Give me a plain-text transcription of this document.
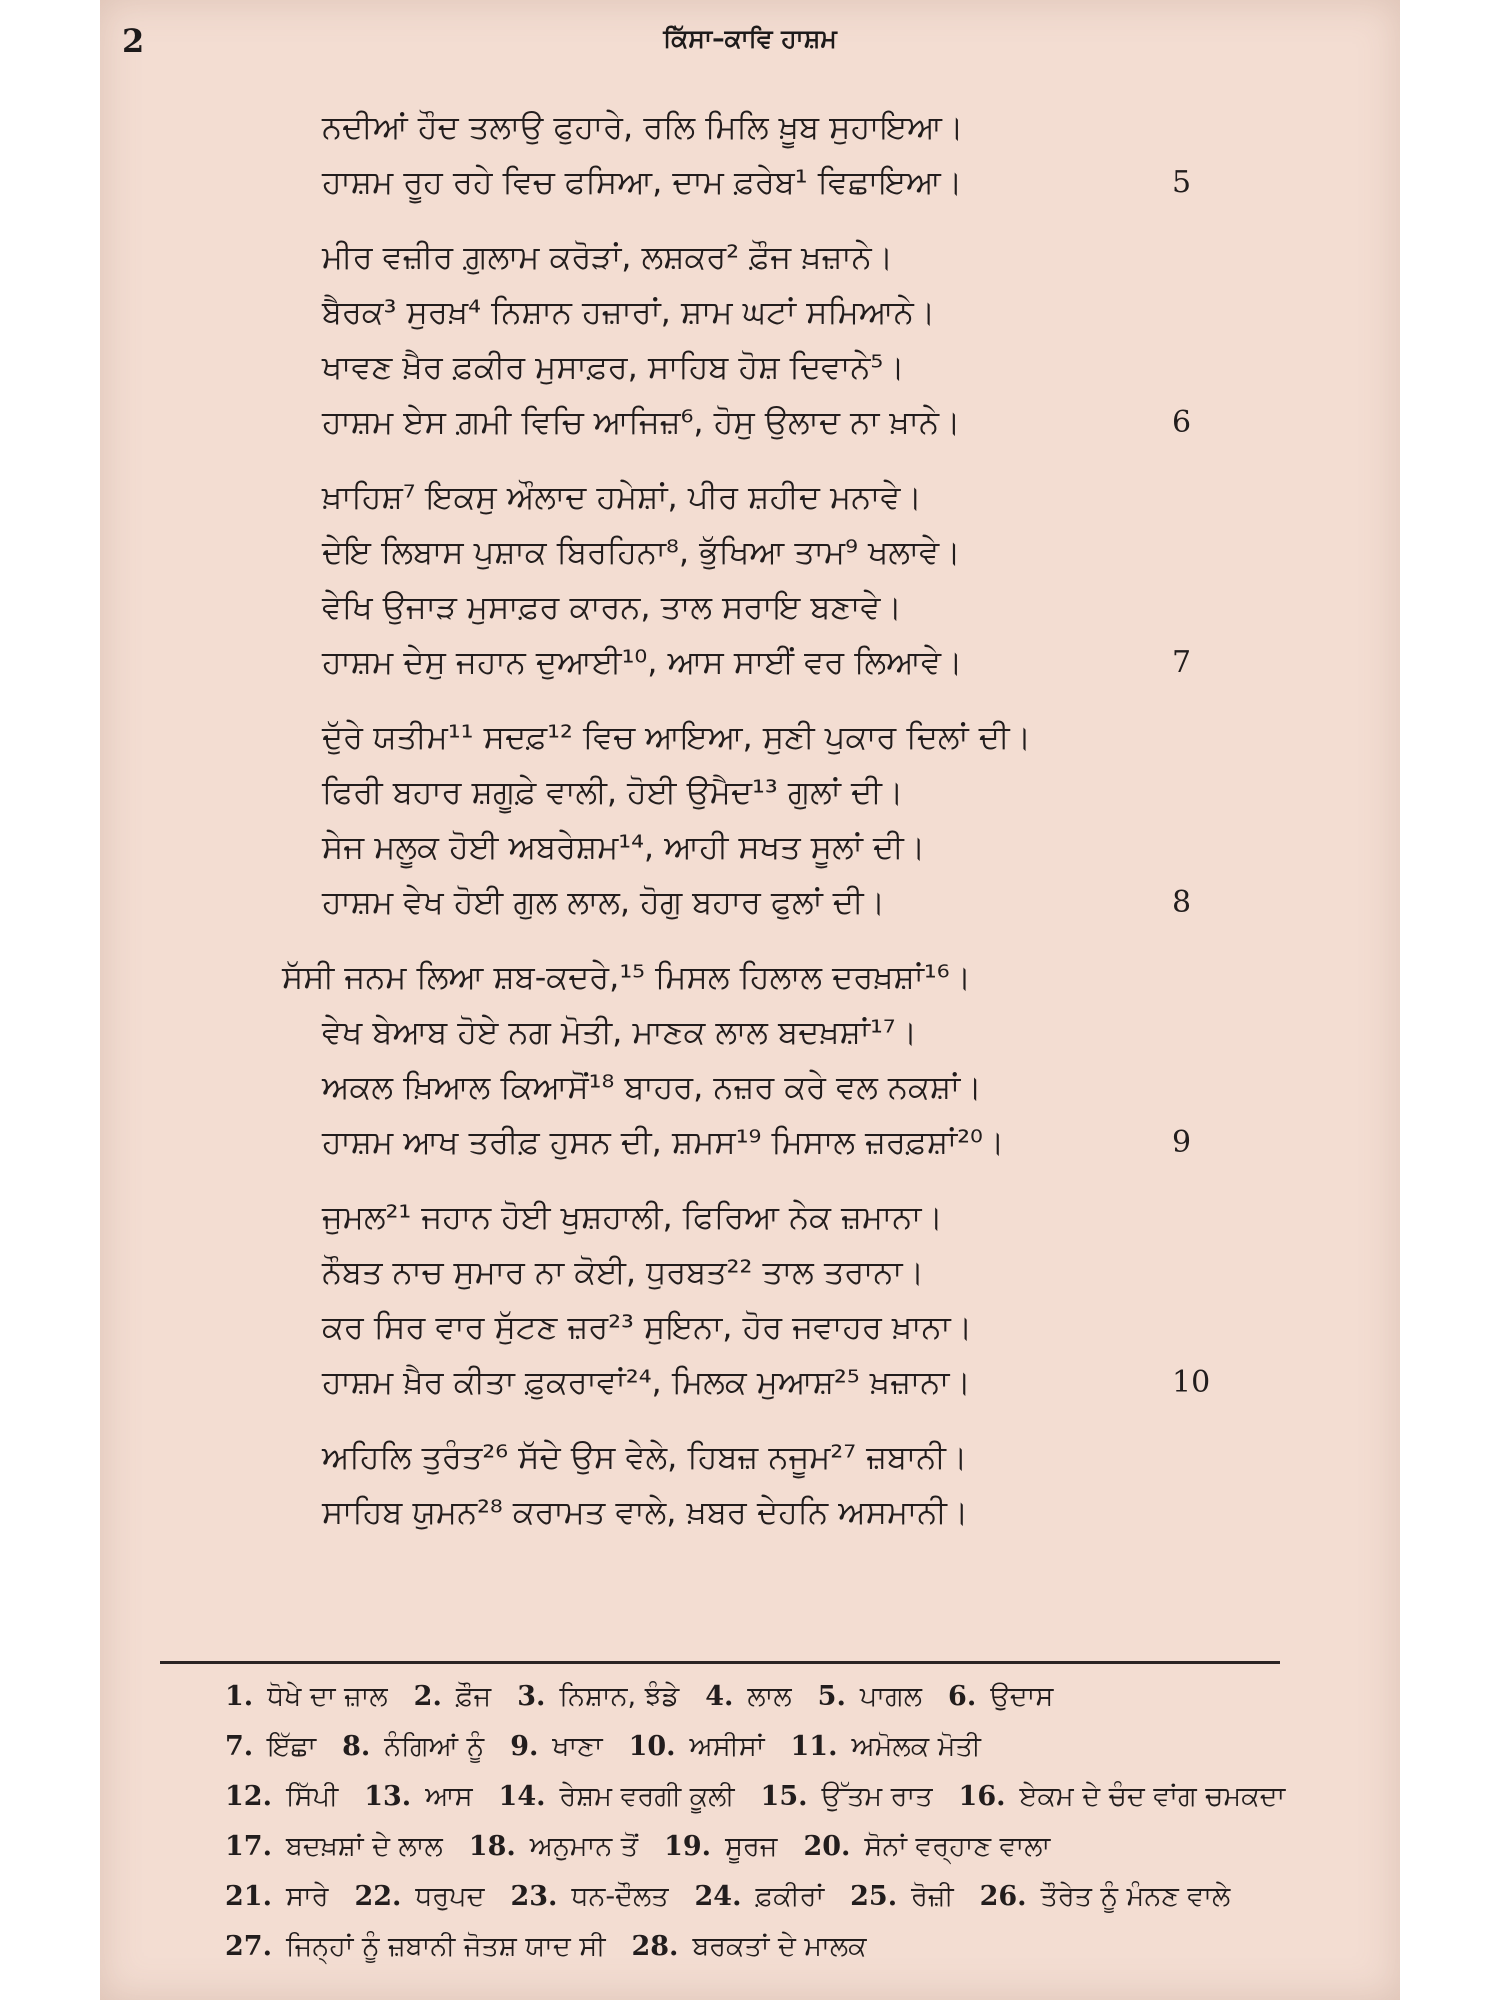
2	ਕਿੱਸਾ–ਕਾਵਿ ਹਾਸ਼ਮ
ਨਦੀਆਂ ਹੌਦ ਤਲਾਉ ਫੁਹਾਰੇ, ਰਲਿ ਮਿਲਿ ਖ਼ੂਬ ਸੁਹਾਇਆ।
ਹਾਸ਼ਮ ਰੂਹ ਰਹੇ ਵਿਚ ਫਸਿਆ, ਦਾਮ ਫ਼ਰੇਬ¹ ਵਿਛਾਇਆ।	5
ਮੀਰ ਵਜ਼ੀਰ ਗ਼ੁਲਾਮ ਕਰੋੜਾਂ, ਲਸ਼ਕਰ² ਫ਼ੌਜ ਖ਼ਜ਼ਾਨੇ।
ਬੈਰਕ³ ਸੁਰਖ਼⁴ ਨਿਸ਼ਾਨ ਹਜ਼ਾਰਾਂ, ਸ਼ਾਮ ਘਟਾਂ ਸਮਿਆਨੇ।
ਖਾਵਣ ਖ਼ੈਰ ਫ਼ਕੀਰ ਮੁਸਾਫ਼ਰ, ਸਾਹਿਬ ਹੋਸ਼ ਦਿਵਾਨੇ⁵।
ਹਾਸ਼ਮ ਏਸ ਗ਼ਮੀ ਵਿਚਿ ਆਜਿਜ਼⁶, ਹੋਸੁ ਉਲਾਦ ਨਾ ਖ਼ਾਨੇ।	6
ਖ਼ਾਹਿਸ਼⁷ ਇਕਸੁ ਔਲਾਦ ਹਮੇਸ਼ਾਂ, ਪੀਰ ਸ਼ਹੀਦ ਮਨਾਵੇ।
ਦੇਇ ਲਿਬਾਸ ਪੁਸ਼ਾਕ ਬਿਰਹਿਨਾ⁸, ਭੁੱਖਿਆ ਤਾਮ⁹ ਖਲਾਵੇ।
ਵੇਖਿ ਉਜਾੜ ਮੁਸਾਫ਼ਰ ਕਾਰਨ, ਤਾਲ ਸਰਾਇ ਬਣਾਵੇ।
ਹਾਸ਼ਮ ਦੇਸੁ ਜਹਾਨ ਦੁਆਈ¹⁰, ਆਸ ਸਾਈਂ ਵਰ ਲਿਆਵੇ।	7
ਦੁੱਰੇ ਯਤੀਮ¹¹ ਸਦਫ਼¹² ਵਿਚ ਆਇਆ, ਸੁਣੀ ਪੁਕਾਰ ਦਿਲਾਂ ਦੀ।
ਫਿਰੀ ਬਹਾਰ ਸ਼ਗੂਫ਼ੇ ਵਾਲੀ, ਹੋਈ ਉਮੈਦ¹³ ਗੁਲਾਂ ਦੀ।
ਸੇਜ ਮਲੂਕ ਹੋਈ ਅਬਰੇਸ਼ਮ¹⁴, ਆਹੀ ਸਖਤ ਸੂਲਾਂ ਦੀ।
ਹਾਸ਼ਮ ਵੇਖ ਹੋਈ ਗੁਲ ਲਾਲ, ਹੋਗੁ ਬਹਾਰ ਫੁਲਾਂ ਦੀ।	8
ਸੱਸੀ ਜਨਮ ਲਿਆ ਸ਼ਬ-ਕਦਰੇ,¹⁵ ਮਿਸਲ ਹਿਲਾਲ ਦਰਖ਼ਸ਼ਾਂ¹⁶।
ਵੇਖ ਬੇਆਬ ਹੋਏ ਨਗ ਮੋਤੀ, ਮਾਣਕ ਲਾਲ ਬਦਖ਼ਸ਼ਾਂ¹⁷।
ਅਕਲ ਖ਼ਿਆਲ ਕਿਆਸੋਂ¹⁸ ਬਾਹਰ, ਨਜ਼ਰ ਕਰੇ ਵਲ ਨਕਸ਼ਾਂ।
ਹਾਸ਼ਮ ਆਖ ਤਰੀਫ਼ ਹੁਸਨ ਦੀ, ਸ਼ਮਸ¹⁹ ਮਿਸਾਲ ਜ਼ਰਫ਼ਸ਼ਾਂ²⁰।	9
ਜੁਮਲ²¹ ਜਹਾਨ ਹੋਈ ਖੁਸ਼ਹਾਲੀ, ਫਿਰਿਆ ਨੇਕ ਜ਼ਮਾਨਾ।
ਨੌਬਤ ਨਾਚ ਸੁਮਾਰ ਨਾ ਕੋਈ, ਧੁਰਬਤ²² ਤਾਲ ਤਰਾਨਾ।
ਕਰ ਸਿਰ ਵਾਰ ਸੁੱਟਣ ਜ਼ਰ²³ ਸੁਇਨਾ, ਹੋਰ ਜਵਾਹਰ ਖ਼ਾਨਾ।
ਹਾਸ਼ਮ ਖ਼ੈਰ ਕੀਤਾ ਫ਼ੁਕਰਾਵਾਂ²⁴, ਮਿਲਕ ਮੁਆਸ਼²⁵ ਖ਼ਜ਼ਾਨਾ।	10
ਅਹਿਲਿ ਤੁਰੰਤ²⁶ ਸੱਦੇ ਉਸ ਵੇਲੇ, ਹਿਬਜ਼ ਨਜੂਮ²⁷ ਜ਼ਬਾਨੀ।
ਸਾਹਿਬ ਯੁਮਨ²⁸ ਕਰਾਮਤ ਵਾਲੇ, ਖ਼ਬਰ ਦੇਹਨਿ ਅਸਮਾਨੀ।
1. ਧੋਖੇ ਦਾ ਜ਼ਾਲ 2. ਫ਼ੌਜ 3. ਨਿਸ਼ਾਨ, ਝੰਡੇ 4. ਲਾਲ 5. ਪਾਗਲ 6. ਉਦਾਸ
7. ਇੱਛਾ 8. ਨੰਗਿਆਂ ਨੂੰ 9. ਖਾਣਾ 10. ਅਸੀਸਾਂ 11. ਅਮੋਲਕ ਮੋਤੀ
12. ਸਿੱਪੀ 13. ਆਸ 14. ਰੇਸ਼ਮ ਵਰਗੀ ਕੂਲੀ 15. ਉੱਤਮ ਰਾਤ 16. ਏਕਮ ਦੇ ਚੰਦ ਵਾਂਗ ਚਮਕਦਾ
17. ਬਦਖ਼ਸ਼ਾਂ ਦੇ ਲਾਲ 18. ਅਨੁਮਾਨ ਤੋਂ 19. ਸੂਰਜ 20. ਸੋਨਾਂ ਵਰ੍ਹਾਣ ਵਾਲਾ
21. ਸਾਰੇ 22. ਧਰੁਪਦ 23. ਧਨ-ਦੌਲਤ 24. ਫ਼ਕੀਰਾਂ 25. ਰੋਜ਼ੀ 26. ਤੌਰੇਤ ਨੂੰ ਮੰਨਣ ਵਾਲੇ
27. ਜਿਨ੍ਹਾਂ ਨੂੰ ਜ਼ਬਾਨੀ ਜੋਤਸ਼ ਯਾਦ ਸੀ 28. ਬਰਕਤਾਂ ਦੇ ਮਾਲਕ
